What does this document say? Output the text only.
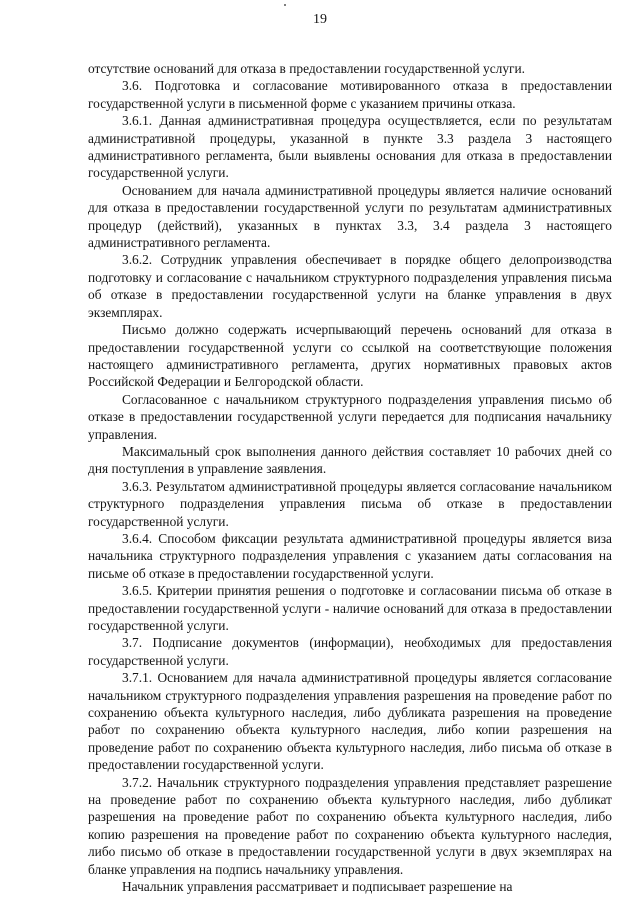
19

отсутствие оснований для отказа в предоставлении государственной услуги.

3.6. Подготовка и согласование мотивированного отказа в предоставлении государственной услуги в письменной форме с указанием причины отказа.

3.6.1. Данная административная процедура осуществляется, если по результатам административной процедуры, указанной в пункте 3.3 раздела 3 настоящего административного регламента, были выявлены основания для отказа в предоставлении государственной услуги.

Основанием для начала административной процедуры является наличие оснований для отказа в предоставлении государственной услуги по результатам административных процедур (действий), указанных в пунктах 3.3, 3.4 раздела 3 настоящего административного регламента.

3.6.2. Сотрудник управления обеспечивает в порядке общего делопроизводства подготовку и согласование с начальником структурного подразделения управления письма об отказе в предоставлении государственной услуги на бланке управления в двух экземплярах.

Письмо должно содержать исчерпывающий перечень оснований для отказа в предоставлении государственной услуги со ссылкой на соответствующие положения настоящего административного регламента, других нормативных правовых актов Российской Федерации и Белгородской области.

Согласованное с начальником структурного подразделения управления письмо об отказе в предоставлении государственной услуги передается для подписания начальнику управления.

Максимальный срок выполнения данного действия составляет 10 рабочих дней со дня поступления в управление заявления.

3.6.3. Результатом административной процедуры является согласование начальником структурного подразделения управления письма об отказе в предоставлении государственной услуги.

3.6.4. Способом фиксации результата административной процедуры является виза начальника структурного подразделения управления с указанием даты согласования на письме об отказе в предоставлении государственной услуги.

3.6.5. Критерии принятия решения о подготовке и согласовании письма об отказе в предоставлении государственной услуги - наличие оснований для отказа в предоставлении государственной услуги.

3.7. Подписание документов (информации), необходимых для предоставления государственной услуги.

3.7.1. Основанием для начала административной процедуры является согласование начальником структурного подразделения управления разрешения на проведение работ по сохранению объекта культурного наследия, либо дубликата разрешения на проведение работ по сохранению объекта культурного наследия, либо копии разрешения на проведение работ по сохранению объекта культурного наследия, либо письма об отказе в предоставлении государственной услуги.

3.7.2. Начальник структурного подразделения управления представляет разрешение на проведение работ по сохранению объекта культурного наследия, либо дубликат разрешения на проведение работ по сохранению объекта культурного наследия, либо копию разрешения на проведение работ по сохранению объекта культурного наследия, либо письмо об отказе в предоставлении государственной услуги в двух экземплярах на бланке управления на подпись начальнику управления.

Начальник управления рассматривает и подписывает разрешение на
